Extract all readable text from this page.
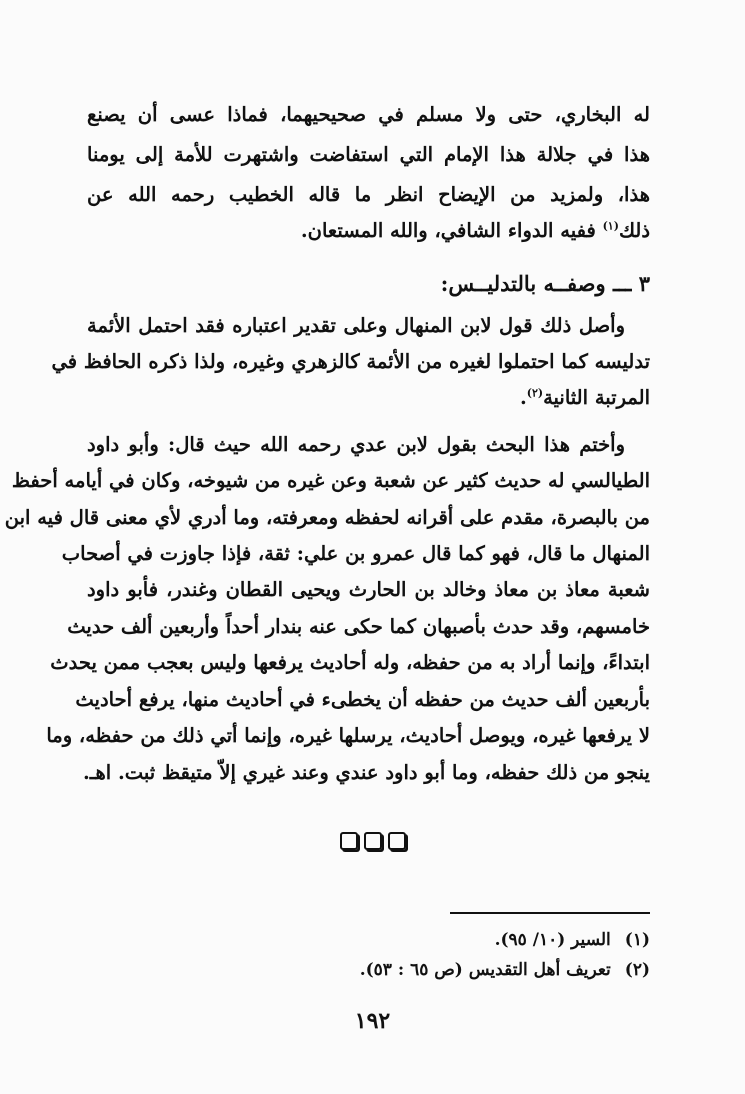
له البخاري، حتى ولا مسلم في صحيحيهما، فماذا عسى أن يصنع
هذا في جلالة هذا الإمام التي استفاضت واشتهرت للأمة إلى يومنا
هذا، ولمزيد من الإيضاح انظر ما قاله الخطيب رحمه الله عن
ذلك$^{(١)}$ ففيه الدواء الشافي، والله المستعان.
٣ ـــ وصفــه بالتدليــس:
وأصل ذلك قول لابن المنهال وعلى تقدير اعتباره فقد احتمل الأئمة
تدليسه كما احتملوا لغيره من الأئمة كالزهري وغيره، ولذا ذكره الحافظ في
المرتبة الثانية$^{(٢)}$.
وأختم هذا البحث بقول لابن عدي رحمه الله حيث قال: وأبو داود
الطيالسي له حديث كثير عن شعبة وعن غيره من شيوخه، وكان في أيامه أحفظ
من بالبصرة، مقدم على أقرانه لحفظه ومعرفته، وما أدري لأي معنى قال فيه ابن
المنهال ما قال، فهو كما قال عمرو بن علي: ثقة، فإذا جاوزت في أصحاب
شعبة معاذ بن معاذ وخالد بن الحارث ويحيى القطان وغندر، فأبو داود
خامسهم، وقد حدث بأصبهان كما حكى عنه بندار أحداً وأربعين ألف حديث
ابتداءً، وإنما أراد به من حفظه، وله أحاديث يرفعها وليس بعجب ممن يحدث
بأربعين ألف حديث من حفظه أن يخطىء في أحاديث منها، يرفع أحاديث
لا يرفعها غيره، ويوصل أحاديث، يرسلها غيره، وإنما أتي ذلك من حفظه، وما
ينجو من ذلك حفظه، وما أبو داود عندي وعند غيري إلاّ متيقظ ثبت. اهـ.
(١)السير (١٠/ ٩٥).
(٢)تعريف أهل التقديس (ص ٦٥ : ٥٣).
١٩٢
